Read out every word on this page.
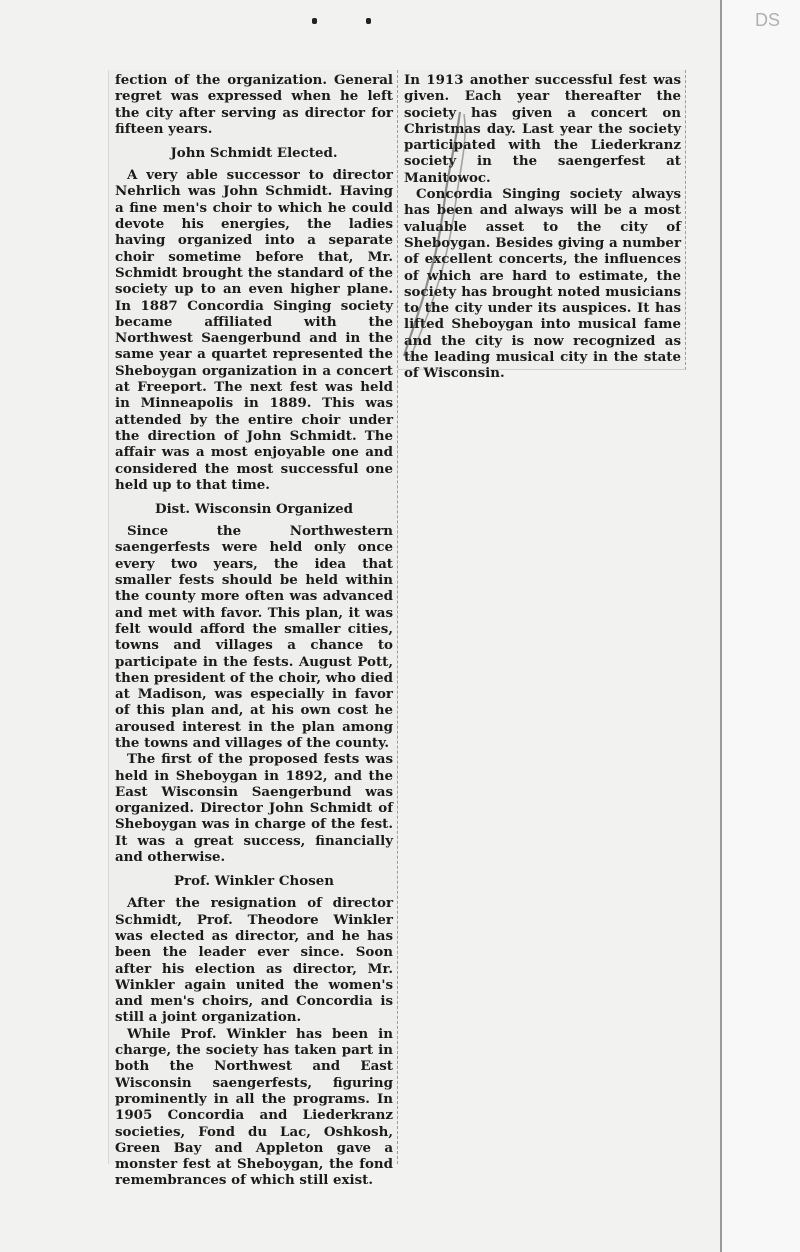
DS

fection of the organization. General regret was expressed when he left the city after serving as director for fifteen years.

John Schmidt Elected.

A very able successor to director Nehrlich was John Schmidt. Having a fine men's choir to which he could devote his energies, the ladies having organized into a separate choir sometime before that, Mr. Schmidt brought the standard of the society up to an even higher plane. In 1887 Concordia Singing society became affiliated with the Northwest Saengerbund and in the same year a quartet represented the Sheboygan organization in a concert at Freeport. The next fest was held in Minneapolis in 1889. This was attended by the entire choir under the direction of John Schmidt. The affair was a most enjoyable one and considered the most successful one held up to that time.

Dist. Wisconsin Organized

Since the Northwestern saengerfests were held only once every two years, the idea that smaller fests should be held within the county more often was advanced and met with favor. This plan, it was felt would afford the smaller cities, towns and villages a chance to participate in the fests. August Pott, then president of the choir, who died at Madison, was especially in favor of this plan and, at his own cost he aroused interest in the plan among the towns and villages of the county.

The first of the proposed fests was held in Sheboygan in 1892, and the East Wisconsin Saengerbund was organized. Director John Schmidt of Sheboygan was in charge of the fest. It was a great success, financially and otherwise.

Prof. Winkler Chosen

After the resignation of director Schmidt, Prof. Theodore Winkler was elected as director, and he has been the leader ever since. Soon after his election as director, Mr. Winkler again united the women's and men's choirs, and Concordia is still a joint organization.

While Prof. Winkler has been in charge, the society has taken part in both the Northwest and East Wisconsin saengerfests, figuring prominently in all the programs. In 1905 Concordia and Liederkranz societies, Fond du Lac, Oshkosh, Green Bay and Appleton gave a monster fest at Sheboygan, the fond remembrances of which still exist.

In 1913 another successful fest was given. Each year thereafter the society has given a concert on Christmas day. Last year the society participated with the Liederkranz society in the saengerfest at Manitowoc.

Concordia Singing society always has been and always will be a most valuable asset to the city of Sheboygan. Besides giving a number of excellent concerts, the influences of which are hard to estimate, the society has brought noted musicians to the city under its auspices. It has lifted Sheboygan into musical fame and the city is now recognized as the leading musical city in the state of Wisconsin.
